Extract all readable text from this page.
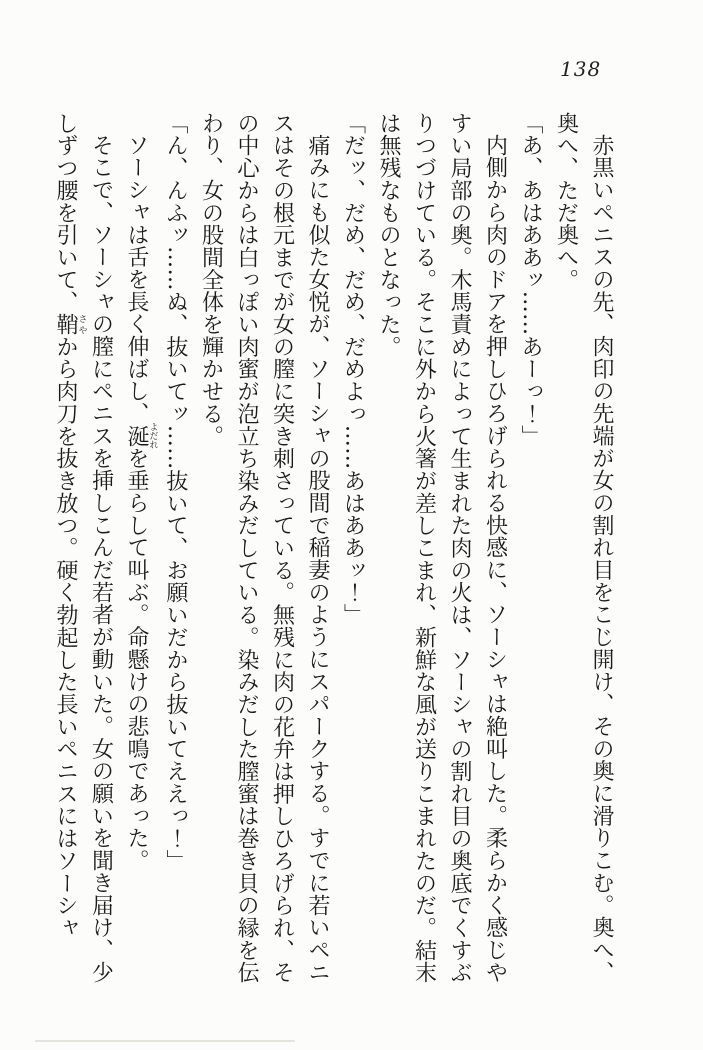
138

赤黒いペニスの先、肉印の先端が女の割れ目をこじ開け、その奥に滑りこむ。奥へ、奥へ、ただ奥へ。

「あ、あはああッ……あーっ！」

内側から肉のドアを押しひろげられる快感に、ソーシャは絶叫した。柔らかく感じやすい局部の奥。木馬責めによって生まれた肉の火は、ソーシャの割れ目の奥底でくすぶりつづけている。そこに外から火箸が差しこまれ、新鮮な風が送りこまれたのだ。結末は無残なものとなった。

「だッ、だめ、だめ、だめよっ……あはああッ！」

痛みにも似た女悦が、ソーシャの股間で稲妻のようにスパークする。すでに若いペニスはその根元までが女の膣に突き刺さっている。無残に肉の花弁は押しひろげられ、その中心からは白っぽい肉蜜が泡立ち染みだしている。染みだした膣蜜は巻き貝の縁を伝わり、女の股間全体を輝かせる。

「ん、んふッ……ぬ、抜いてッ……抜いて、お願いだから抜いてええっ！」

ソーシャは舌を長く伸ばし、涎よだれを垂らして叫ぶ。命懸けの悲鳴であった。

そこで、ソーシャの膣にペニスを挿しこんだ若者が動いた。女の願いを聞き届け、少しずつ腰を引いて、鞘さやから肉刀を抜き放つ。硬く勃起した長いペニスにはソーシャ
